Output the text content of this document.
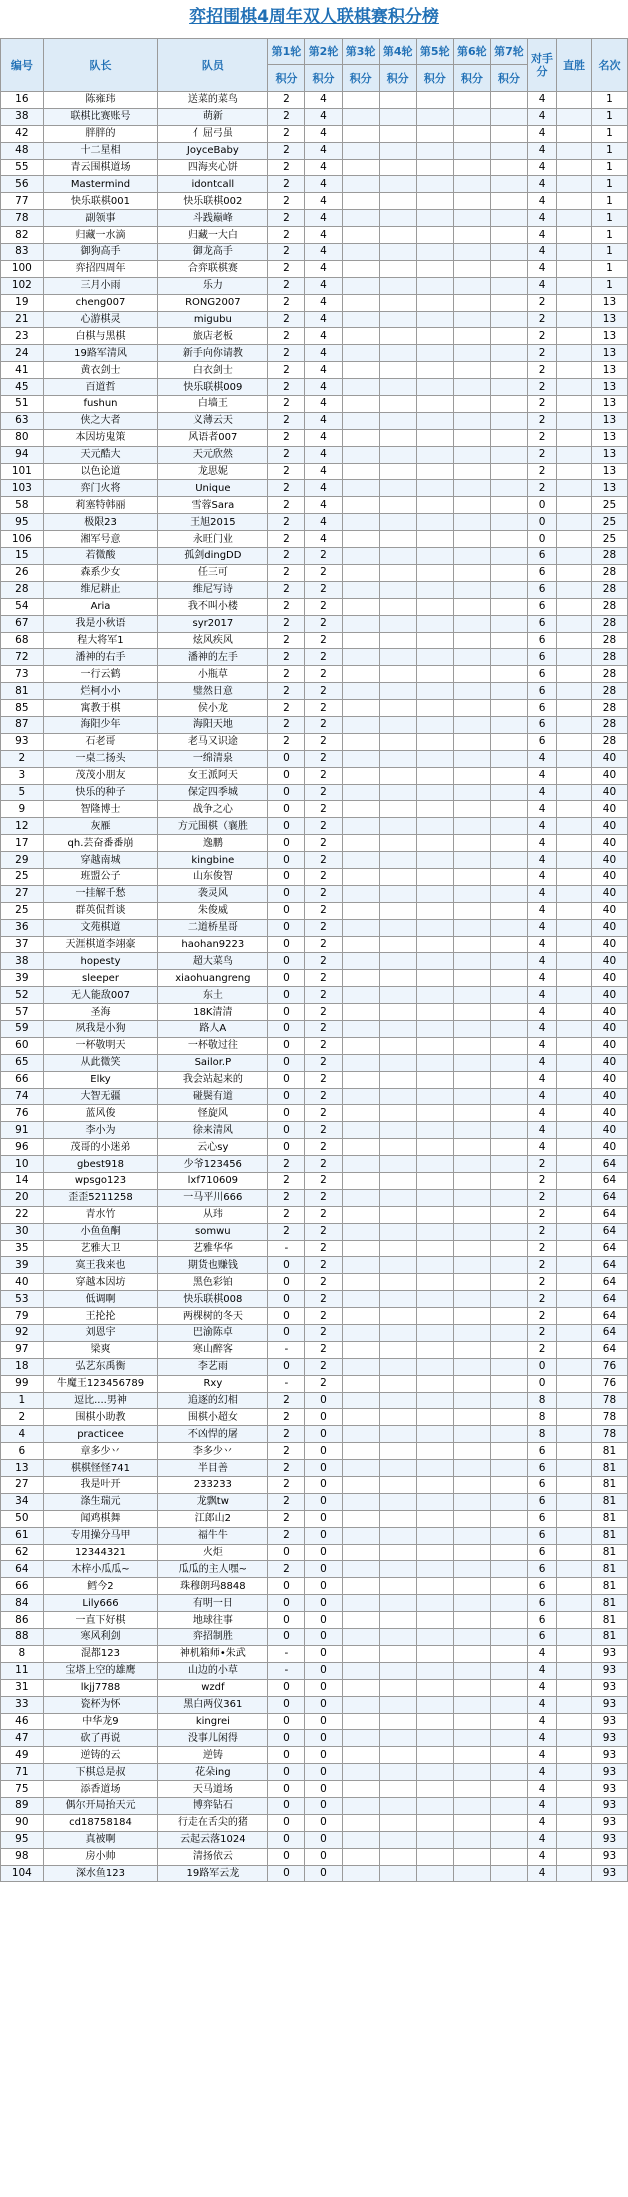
弈招围棋4周年双人联棋赛积分榜
编号	队长	队员	第1轮	第2轮	第3轮	第4轮	第5轮	第6轮	第7轮	对手分	直胜	名次
			积分	积分	积分	积分	积分	积分	积分			
16	陈雍玮	送菜的菜鸟	2	4						4		1
38	联棋比赛账号	萌新	2	4						4		1
42	胖胖的	亻屈弓虽	2	4						4		1
48	十二星相	JoyceBaby	2	4						4		1
55	青云围棋道场	四海夹心饼	2	4						4		1
56	Mastermind	idontcall	2	4						4		1
77	快乐联棋001	快乐联棋002	2	4						4		1
78	副领事	斗践巅峰	2	4						4		1
82	归藏一水滴	归藏一大白	2	4						4		1
83	御狗高手	御龙高手	2	4						4		1
100	弈招四周年	合弈联棋赛	2	4						4		1
102	三月小雨	乐力	2	4						4		1
19	cheng007	RONG2007	2	4						2		13
21	心游棋灵	migubu	2	4						2		13
23	白棋与黑棋	旅店老板	2	4						2		13
24	19路军清风	新手向你请教	2	4						2		13
41	黄衣剑士	白衣剑士	2	4						2		13
45	百道哲	快乐联棋009	2	4						2		13
51	fushun	白墙王	2	4						2		13
63	侠之大者	义薄云天	2	4						2		13
80	本因坊鬼策	风语者007	2	4						2		13
94	天元酷大	天元欣然	2	4						2		13
101	以色论道	龙思妮	2	4						2		13
103	弈门火将	Unique	2	4						2		13
58	莉塞特韩丽	雪蓉Sara	2	4						0		25
95	极限23	王旭2015	2	4						0		25
106	湘军号意	永旺门业	2	4						0		25
15	若微酸	孤剑dingDD	2	2						6		28
26	森系少女	任三可	2	2						6		28
28	维尼耕止	维尼写诗	2	2						6		28
54	Aria	我不叫小楼	2	2						6		28
67	我是小秋语	syr2017	2	2						6		28
68	程大将军1	炫风疾风	2	2						6		28
72	潘神的右手	潘神的左手	2	2						6		28
73	一行云鹤	小瓶草	2	2						6		28
81	烂柯小小	璧然日意	2	2						6		28
85	寓教于棋	侯小龙	2	2						6		28
87	海阳少年	海阳天地	2	2						6		28
93	石老哥	老马又识途	2	2						6		28
2	一桌二扬头	一绵清泉	0	2						4		40
3	茂茂小朋友	女王派阿天	0	2						4		40
5	快乐的种子	保定四季城	0	2						4		40
9	智隆博士	战争之心	0	2						4		40
12	灰雁	方元围棋（襄胜	0	2						4		40
17	qh.芸奋番番崩	逸鹏	0	2						4		40
29	穿越南城	kingbine	0	2						4		40
25	班盟公子	山东俊智	0	2						4		40
27	一挂解千愁	袭灵风	0	2						4		40
25	群英侃哲谈	朱俊威	0	2						4		40
36	文苑棋道	二道桥星哥	0	2						4		40
37	天涯棋道李翊豪	haohan9223	0	2						4		40
38	hopesty	超大菜鸟	0	2						4		40
39	sleeper	xiaohuangreng	0	2						4		40
52	无人能敌007	东土	0	2						4		40
57	圣海	18K清清	0	2						4		40
59	夙我是小狗	路人A	0	2						4		40
60	一杯敬明天	一杯敬过往	0	2						4		40
65	从此微笑	Sailor.P	0	2						4		40
66	Elky	我会站起来的	0	2						4		40
74	大智无疆	碰鬓有道	0	2						4		40
76	蓝风俊	怪旋风	0	2						4		40
91	李小为	徐来清风	0	2						4		40
96	茂哥的小迷弟	云心sy	0	2						4		40
10	gbest918	少爷123456	2	2						2		64
14	wpsgo123	lxf710609	2	2						2		64
20	歪歪5211258	一马平川666	2	2						2		64
22	青水竹	从玮	2	2						2		64
30	小鱼鱼酮	somwu	2	2						2		64
35	艺雅大卫	艺雅华华	-	2						2		64
39	寞王我来也	期货也赚钱	0	2						2		64
40	穿越本因坊	黑色彩铂	0	2						2		64
53	低调啊	快乐联棋008	0	2						2		64
79	王抡抡	两棵树的冬天	0	2						2		64
92	刘恩宇	巴渝陈卓	0	2						2		64
97	梁爽	寒山醉客	-	2						2		64
18	弘艺东禹衡	李艺雨	0	2						0		76
99	牛魔王123456789	Rxy	-	2						0		76
1	逗比....男神	追逐的幻相	2	0						8		78
2	围棋小助教	围棋小超女	2	0						8		78
4	practicee	不凶悍的屠	2	0						8		78
6	章多少丷	李多少丷	2	0						6		81
13	棋棋怪怪741	半目善	2	0						6		81
27	我是叶开	233233	2	0						6		81
34	涤生瑞元	龙飘tw	2	0						6		81
50	闻鸡棋舞	江郎山2	2	0						6		81
61	专用操分马甲	福牛牛	2	0						6		81
62	12344321	火炬	0	0						6		81
64	木梓小瓜瓜~	瓜瓜的主人嘿~	2	0						6		81
66	鳕今2	珠穆朗玛8848	0	0						6		81
84	Lily666	有明一日	0	0						6		81
86	一直下好棋	地球往事	0	0						6		81
88	寒风利剑	弈招制胜	0	0						6		81
8	混都123	神机箱师•朱武	-	0						4		93
11	宝塔上空的雄鹰	山边的小草	-	0						4		93
31	lkjj7788	wzdf	0	0						4		93
33	瓷杯为怀	黑白两仪361	0	0						4		93
46	中华龙9	kingrei	0	0						4		93
47	砍了再说	没事儿闲得	0	0						4		93
49	逆铸的云	逆铸	0	0						4		93
71	下棋总是叔	花朵ing	0	0						4		93
75	添香道场	天马道场	0	0						4		93
89	偶尔开局抬天元	博弈钻石	0	0						4		93
90	cd18758184	行走在舌尖的猪	0	0						4		93
95	真被啊	云起云落1024	0	0						4		93
98	房小帅	清扬依云	0	0						4		93
104	深水鱼123	19路军云龙	0	0						4		93
